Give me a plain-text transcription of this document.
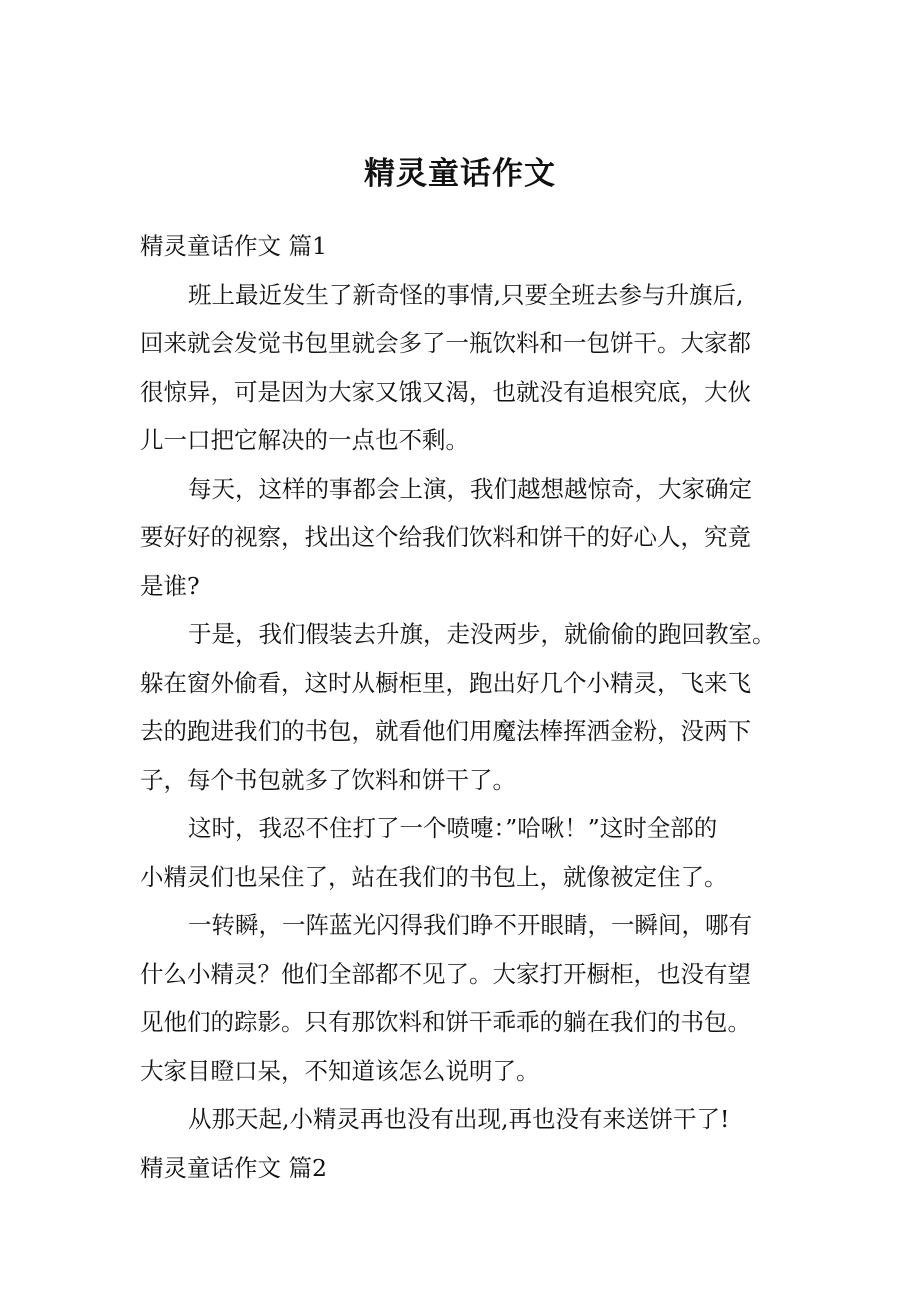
精灵童话作文
精灵童话作文 篇1
班上最近发生了新奇怪的事情,只要全班去参与升旗后,
回来就会发觉书包里就会多了一瓶饮料和一包饼干。大家都
很惊异，可是因为大家又饿又渴，也就没有追根究底，大伙
儿一口把它解决的一点也不剩。
每天，这样的事都会上演，我们越想越惊奇，大家确定
要好好的视察，找出这个给我们饮料和饼干的好心人，究竟
是谁?
于是，我们假装去升旗，走没两步，就偷偷的跑回教室。
躲在窗外偷看，这时从橱柜里，跑出好几个小精灵，飞来飞
去的跑进我们的书包，就看他们用魔法棒挥洒金粉，没两下
子，每个书包就多了饮料和饼干了。
这时，我忍不住打了一个喷嚏：”哈啾！”这时全部的
小精灵们也呆住了，站在我们的书包上，就像被定住了。
一转瞬，一阵蓝光闪得我们睁不开眼睛，一瞬间，哪有
什么小精灵？他们全部都不见了。大家打开橱柜，也没有望
见他们的踪影。只有那饮料和饼干乖乖的躺在我们的书包。
大家目瞪口呆，不知道该怎么说明了。
从那天起,小精灵再也没有出现,再也没有来送饼干了!
精灵童话作文 篇2
